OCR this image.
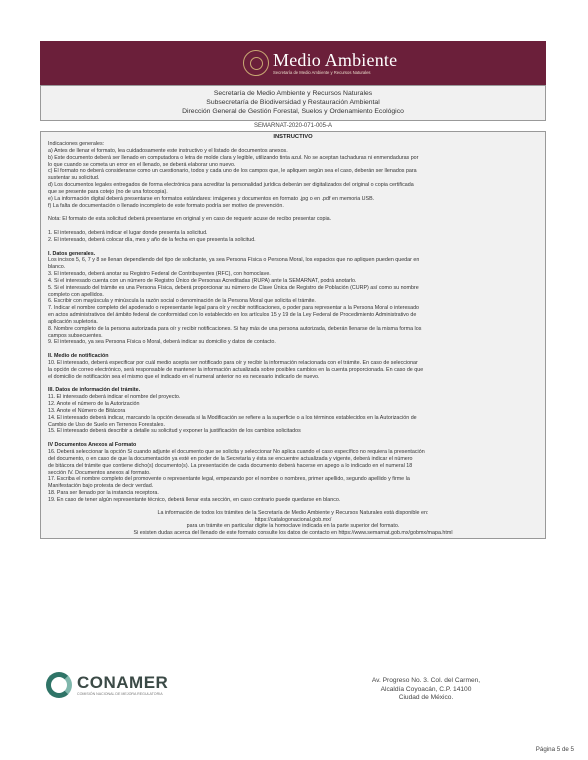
Medio Ambiente
Secretaría de Medio Ambiente y Recursos Naturales
Secretaría de Medio Ambiente y Recursos Naturales
Subsecretaría de Biodiversidad y Restauración Ambiental
Dirección General de Gestión Forestal, Suelos y Ordenamiento Ecológico
SEMARNAT-2020-071-005-A
INSTRUCTIVO

Indicaciones generales:

a) Antes de llenar el formato, lea cuidadosamente este instructivo y el listado de documentos anexos.

b) Este documento deberá ser llenado en computadora o letra de molde clara y legible, utilizando tinta azul. No se aceptan tachaduras ni enmendaduras por

lo que cuando se cometa un error en el llenado, se deberá elaborar uno nuevo.

c) El formato no deberá considerarse como un cuestionario, todos y cada uno de los campos que, le apliquen según sea el caso, deberán ser llenados para

sustentar su solicitud.

d) Los documentos legales entregados de forma electrónica para acreditar la personalidad jurídica deberán ser digitalizados del original o copia certificada

que se presente para cotejo (no de una fotocopia).

e) La información digital deberá presentarse en formatos estándares: imágenes y documentos en formato .jpg o en .pdf en memoria USB.

f) La falta de documentación o llenado incompleto de este formato podría ser motivo de prevención.

Nota: El formato de esta solicitud deberá presentarse en original y en caso de requerir acuse de recibo presentar copia.

1. El interesado, deberá indicar el lugar donde presenta la solicitud.

2. El interesado, deberá colocar día, mes y año de la fecha en que presenta la solicitud.

I. Datos generales.

Los incisos 5, 6, 7 y 8 se llenan dependiendo del tipo de solicitante, ya sea Persona Física o Persona Moral, los espacios que no apliquen pueden quedar en

blanco.

3. El interesado, deberá anotar su Registro Federal de Contribuyentes (RFC), con homoclave.

4. Si el interesado cuenta con un número de Registro Único de Personas Acreditadas (RUPA) ante la SEMARNAT, podrá anotarlo.

5. Si el interesado del trámite es una Persona Física, deberá proporcionar su número de Clave Única de Registro de Población (CURP) así como su nombre

completo con apellidos.

6. Escribir con mayúscula y minúscula la razón social o denominación de la Persona Moral que solicita el trámite.

7. Indicar el nombre completo del apoderado o representante legal para oír y recibir notificaciones, o poder para representar a la Persona Moral o interesado

en actos administrativos del ámbito federal de conformidad con lo establecido en los artículos 15 y 19 de la Ley Federal de Procedimiento Administrativo de

aplicación supletoria.

8. Nombre completo de la persona autorizada para oír y recibir notificaciones. Si hay más de una persona autorizada, deberán llenarse de la misma forma los

campos subsecuentes.

9. El interesado, ya sea Persona Física o Moral, deberá indicar su domicilio y datos de contacto.

II. Medio de notificación

10. El interesado, deberá especificar por cuál medio acepta ser notificado para oír y recibir la información relacionada con el trámite. En caso de seleccionar

la opción de correo electrónico, será responsable de mantener la información actualizada sobre posibles cambios en la cuenta proporcionada. En caso de que

el domicilio de notificación sea el mismo que el indicado en el numeral anterior no es necesario indicarlo de nuevo.

III. Datos de información del trámite.

11. El interesado deberá indicar el nombre del proyecto.

12. Anote el número de la Autorización

13. Anote el Número de Bitácora

14. El interesado deberá indicar, marcando la opción deseada si la Modificación se refiere a la superficie o a los términos establecidos en la Autorización de

Cambio de Uso de Suelo en Terrenos Forestales.

15. El interesado deberá describir a detalle su solicitud y exponer la justificación de los cambios solicitados

IV Documentos Anexos al Formato

16. Deberá seleccionar la opción Si cuando adjunte el documento que se solicita y seleccionar No aplica cuando el caso específico no requiera la presentación

del documento, o en caso de que la documentación ya esté en poder de la Secretaría y ésta se encuentre actualizada y vigente, deberá indicar el número

de bitácora del trámite que contiene dicho(s) documento(s). La presentación de cada documento deberá hacerse en apego a lo indicado en el numeral 18

sección IV. Documentos anexos al formato.

17. Escriba el nombre completo del promovente o representante legal, empezando por el nombre o nombres, primer apellido, segundo apellido y firme la

Manifestación bajo protesta de decir verdad.

18. Para ser llenado por la instancia receptora.

19. En caso de tener algún representante técnico, deberá llenar esta sección, en caso contrario puede quedarse en blanco.

La información de todos los trámites de la Secretaría de Medio Ambiente y Recursos Naturales está disponible en:

https://catalogonacional.gob.mx/

para un trámite en particular digite la homoclave indicada en la parte superior del formato.

Si existen dudas acerca del llenado de este formato consulte los datos de contacto en https://www.semarnat.gob.mx/gobmx/mapa.html

CONAMER
COMISIÓN NACIONAL DE MEJORA REGULATORIA
Av. Progreso No. 3. Col. del Carmen,
Alcaldía Coyoacán, C.P. 14100
Ciudad de México.
Página 5 de 5
